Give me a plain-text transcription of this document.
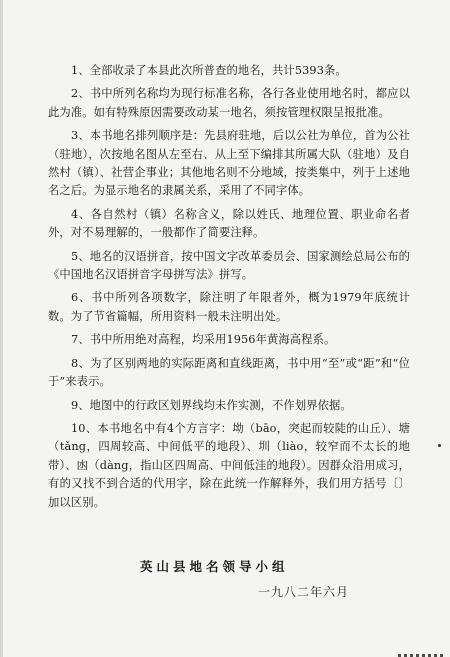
1、全部收录了本县此次所普查的地名，共计5393条。

2、书中所列名称均为现行标准名称，各行各业使用地名时，都应以此为准。如有特殊原因需要改动某一地名，须按管理权限呈报批准。

3、本书地名排列顺序是：先县府驻地，后以公社为单位，首为公社（驻地），次按地名图从左至右、从上至下编排其所属大队（驻地）及自然村（镇）、社营企事业；其他地名则不分地域，按类集中，列于上述地名之后。为显示地名的隶属关系，采用了不同字体。

4、各自然村（镇）名称含义，除以姓氏、地理位置、职业命名者外，对不易理解的，一般都作了简要注释。

5、地名的汉语拼音，按中国文字改革委员会、国家测绘总局公布的《中国地名汉语拼音字母拼写法》拼写。

6、书中所列各项数字，除注明了年限者外，概为1979年底统计数。为了节省篇幅，所用资料一般未注明出处。

7、书中所用绝对高程，均采用1956年黄海高程系。

8、为了区别两地的实际距离和直线距离，书中用“至”或“距”和“位于”来表示。

9、地图中的行政区划界线均未作实测，不作划界依据。

10、本书地名中有4个方言字：坳（bāo，突起而较陡的山丘）、塘（tǎng，四周较高、中间低平的地段）、圳（liào，较窄而不太长的地带）、凼（dàng，指山区四周高、中间低洼的地段）。因群众沿用成习，有的又找不到合适的代用字，除在此统一作解释外，我们用方括号〔〕加以区别。

英山县地名领导小组
一九八二年六月
